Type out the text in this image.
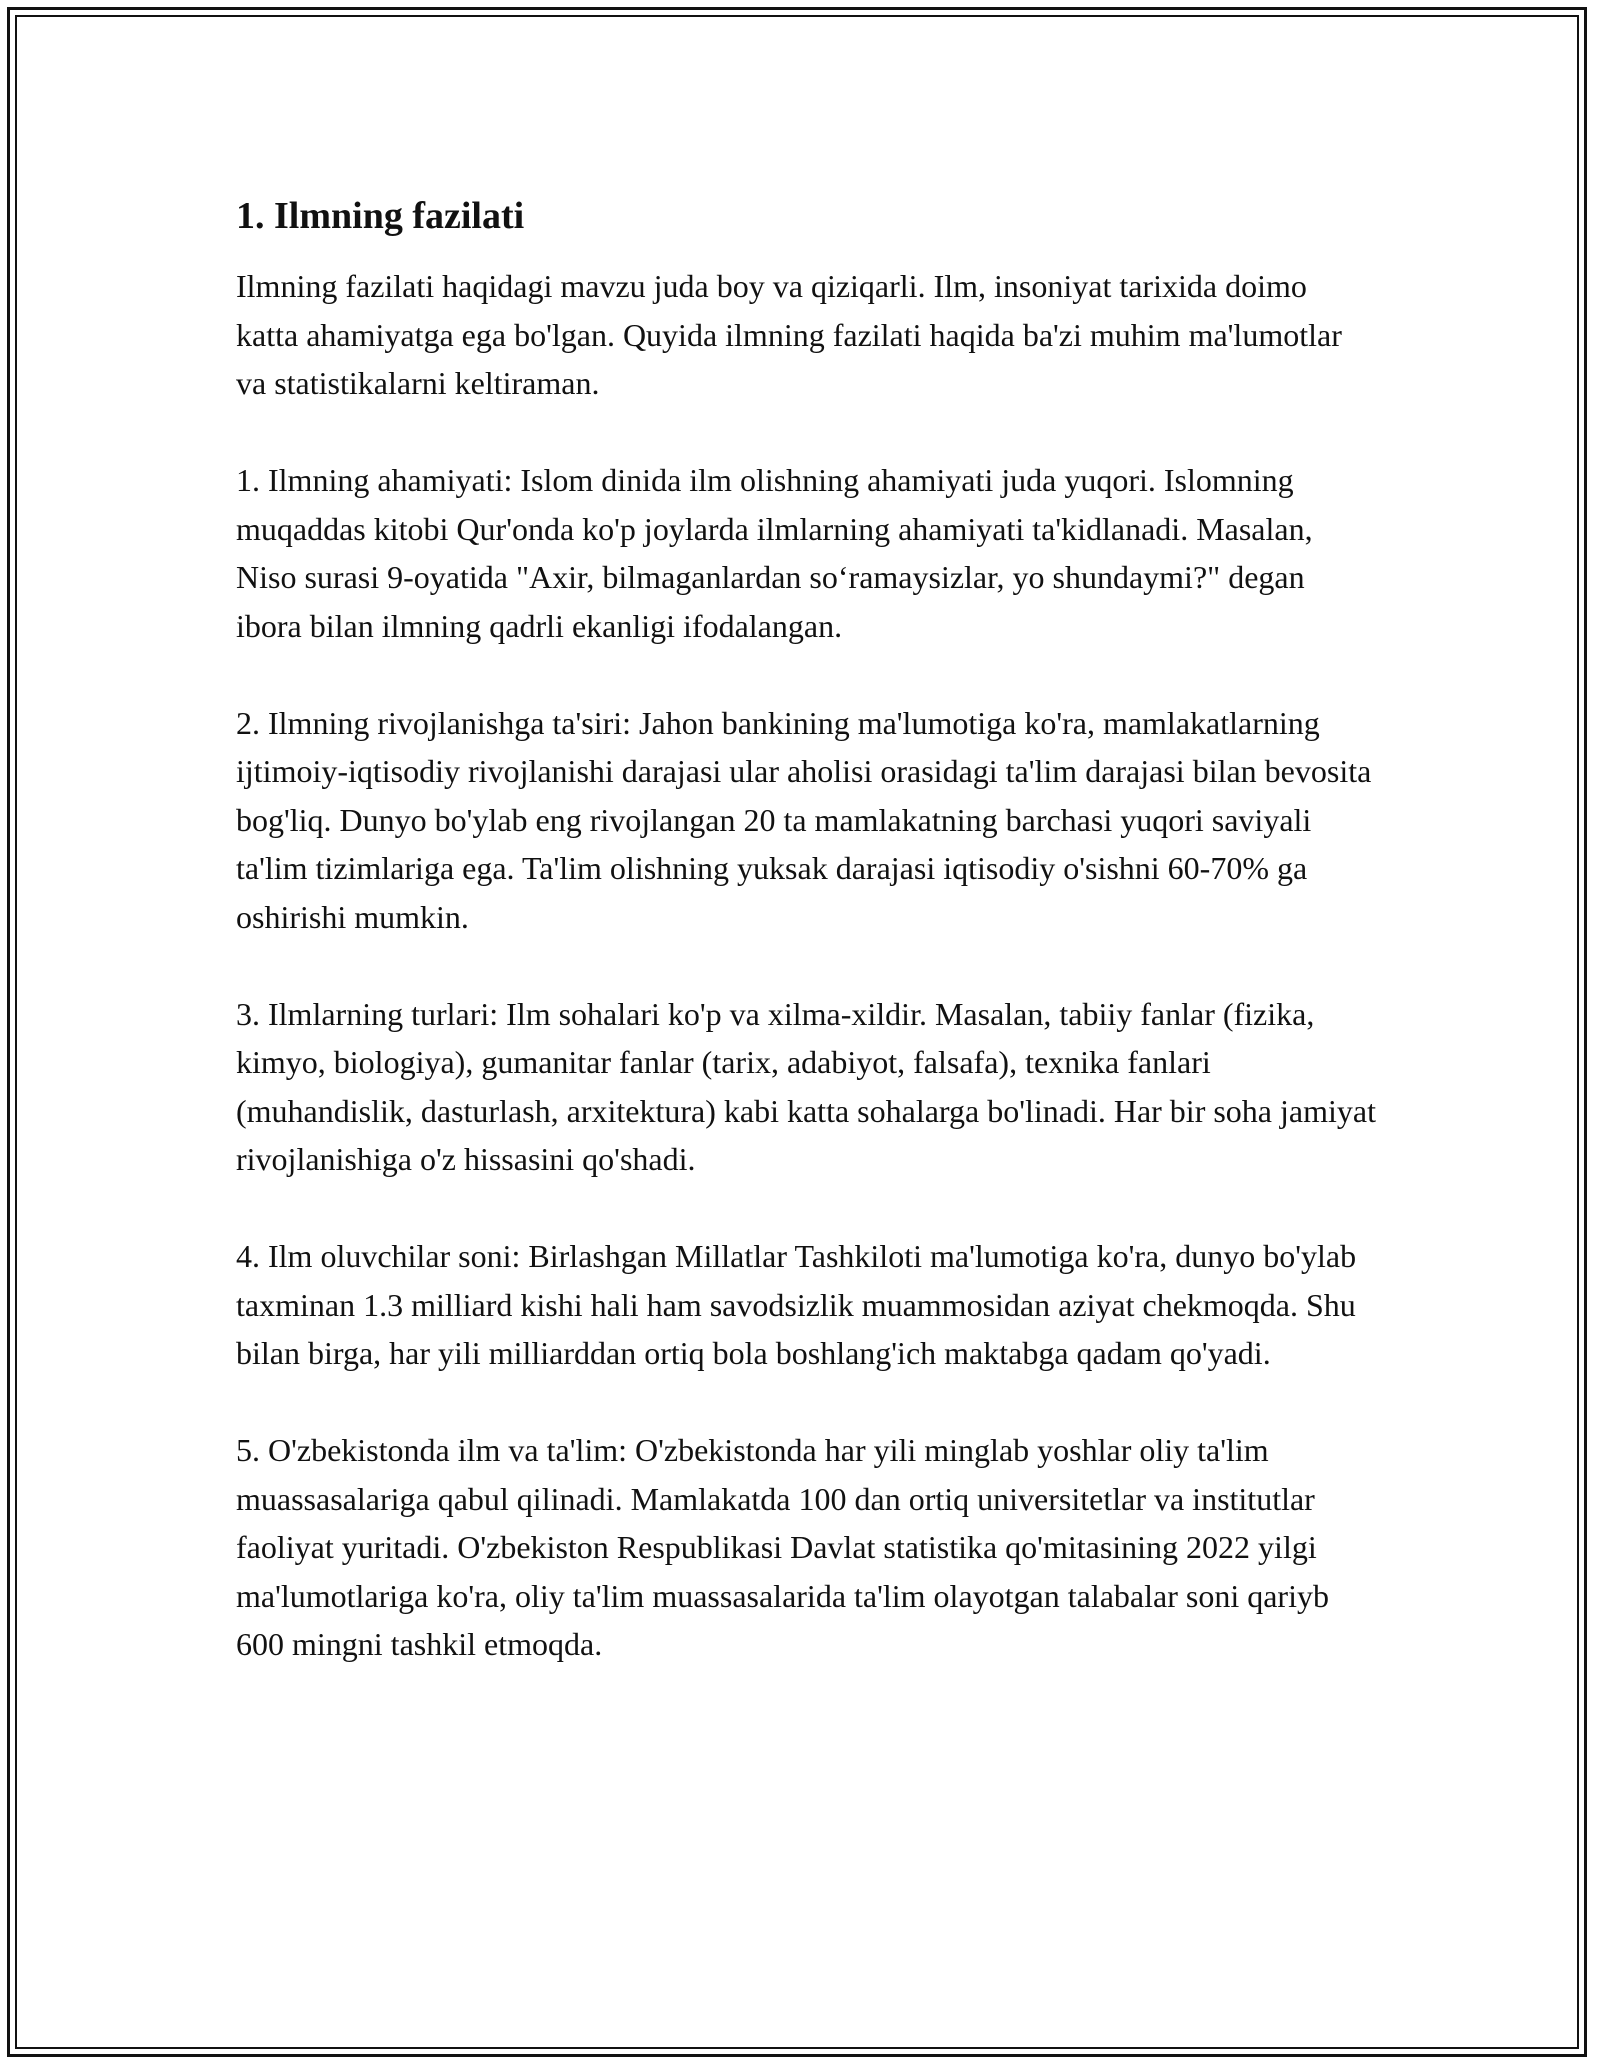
1. Ilmning fazilati

Ilmning fazilati haqidagi mavzu juda boy va qiziqarli. Ilm, insoniyat tarixida doimo katta ahamiyatga ega bo'lgan. Quyida ilmning fazilati haqida ba'zi muhim ma'lumotlar va statistikalarni keltiraman.

1. Ilmning ahamiyati: Islom dinida ilm olishning ahamiyati juda yuqori. Islomning muqaddas kitobi Qur'onda ko'p joylarda ilmlarning ahamiyati ta'kidlanadi. Masalan, Niso surasi 9-oyatida "Axir, bilmaganlardan so‘ramaysizlar, yo shundaymi?" degan ibora bilan ilmning qadrli ekanligi ifodalangan.

2. Ilmning rivojlanishga ta'siri: Jahon bankining ma'lumotiga ko'ra, mamlakatlarning ijtimoiy-iqtisodiy rivojlanishi darajasi ular aholisi orasidagi ta'lim darajasi bilan bevosita bog'liq. Dunyo bo'ylab eng rivojlangan 20 ta mamlakatning barchasi yuqori saviyali ta'lim tizimlariga ega. Ta'lim olishning yuksak darajasi iqtisodiy o'sishni 60-70% ga oshirishi mumkin.

3. Ilmlarning turlari: Ilm sohalari ko'p va xilma-xildir. Masalan, tabiiy fanlar (fizika, kimyo, biologiya), gumanitar fanlar (tarix, adabiyot, falsafa), texnika fanlari (muhandislik, dasturlash, arxitektura) kabi katta sohalarga bo'linadi. Har bir soha jamiyat rivojlanishiga o'z hissasini qo'shadi.

4. Ilm oluvchilar soni: Birlashgan Millatlar Tashkiloti ma'lumotiga ko'ra, dunyo bo'ylab taxminan 1.3 milliard kishi hali ham savodsizlik muammosidan aziyat chekmoqda. Shu bilan birga, har yili milliarddan ortiq bola boshlang'ich maktabga qadam qo'yadi.

5. O'zbekistonda ilm va ta'lim: O'zbekistonda har yili minglab yoshlar oliy ta'lim muassasalariga qabul qilinadi. Mamlakatda 100 dan ortiq universitetlar va institutlar faoliyat yuritadi. O'zbekiston Respublikasi Davlat statistika qo'mitasining 2022 yilgi ma'lumotlariga ko'ra, oliy ta'lim muassasalarida ta'lim olayotgan talabalar soni qariyb 600 mingni tashkil etmoqda.
